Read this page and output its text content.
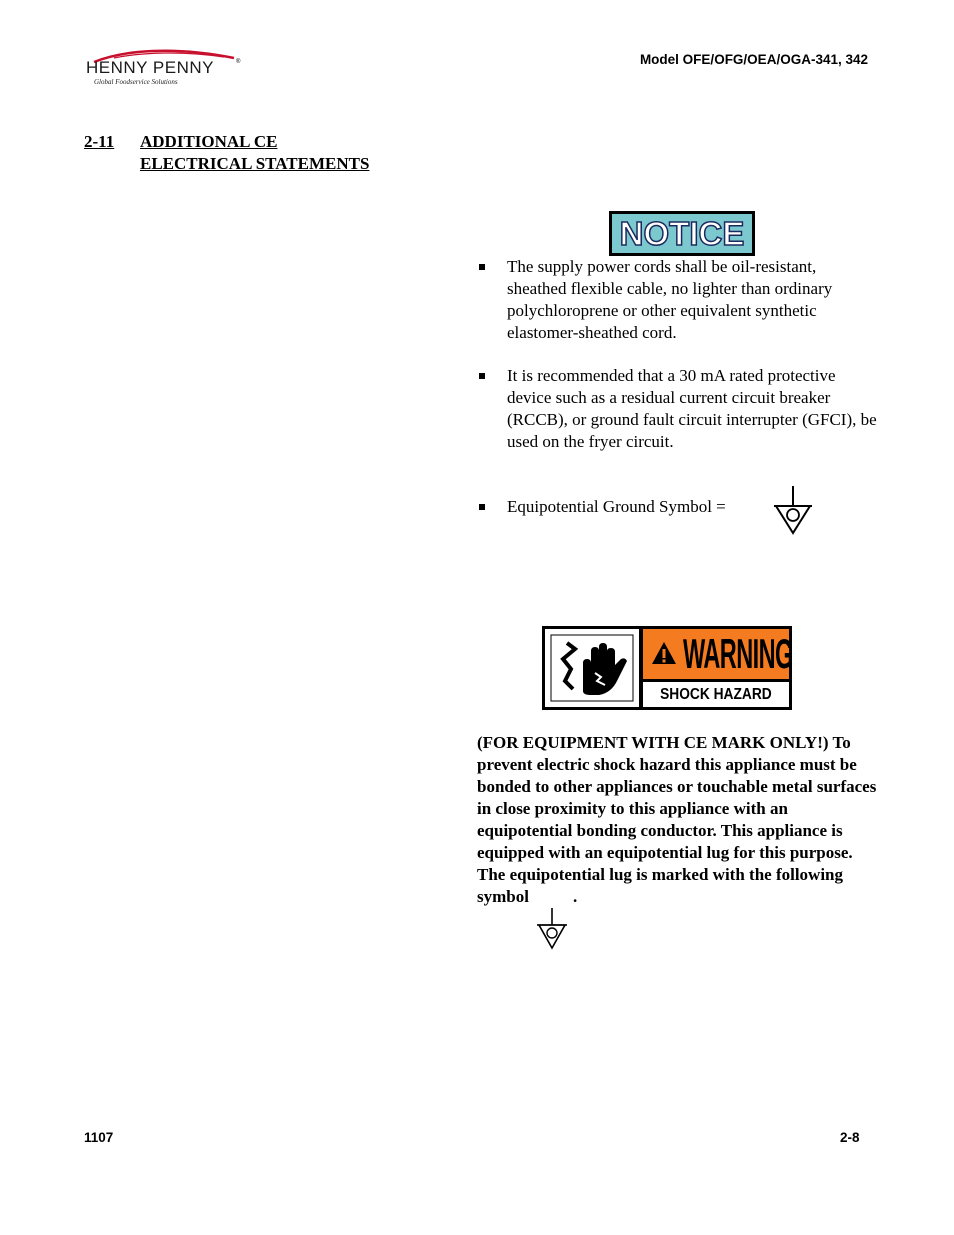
HENNY PENNY	®
Global Foodservice Solutions
Model OFE/OFG/OEA/OGA-341, 342
2-11 ADDITIONAL CE
ELECTRICAL STATEMENTS
NOTICE
The supply power cords shall be oil-resistant, sheathed flexible cable, no lighter than ordinary polychloroprene or other equivalent synthetic elastomer-sheathed cord.
It is recommended that a 30 mA rated protective device such as a residual current circuit breaker (RCCB), or ground fault circuit interrupter (GFCI), be used on the fryer circuit.
Equipotential Ground Symbol =
WARNING
SHOCK HAZARD

(FOR EQUIPMENT WITH CE MARK ONLY!) To prevent electric shock hazard this appliance must be bonded to other appliances or touchable metal surfaces in close proximity to this appliance with an equipotential bonding conductor. This appliance is equipped with an equipotential lug for this purpose. The equipotential lug is marked with the following symbol	.

1107	2-8
